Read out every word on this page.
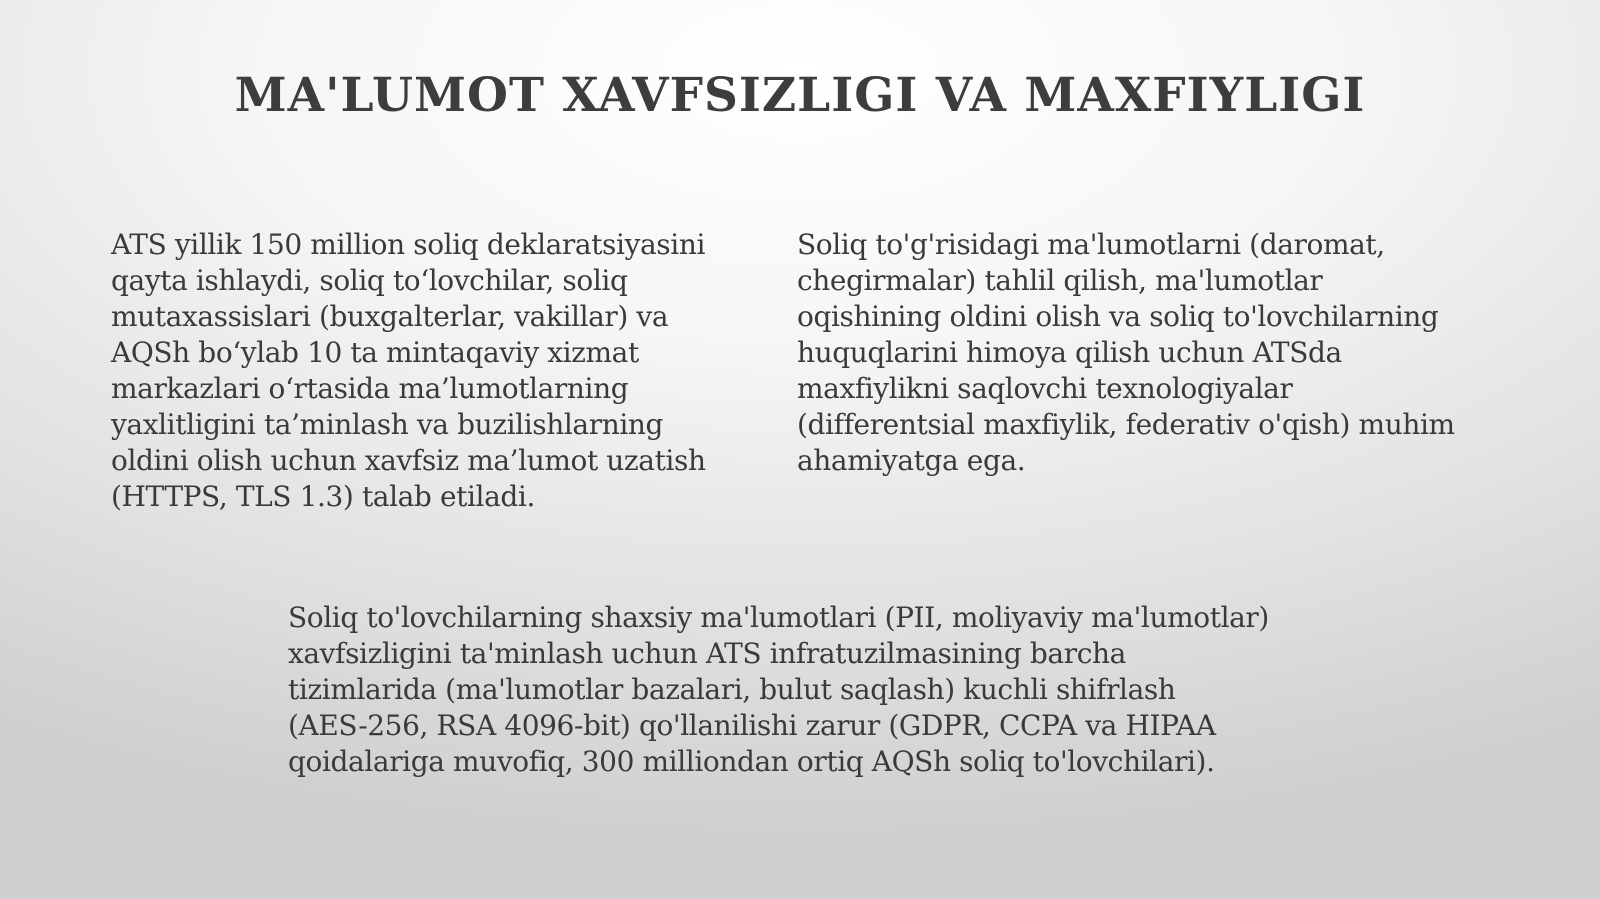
MA'LUMOT XAVFSIZLIGI VA MAXFIYLIGI
ATS yillik 150 million soliq deklaratsiyasini
qayta ishlaydi, soliq to‘lovchilar, soliq
mutaxassislari (buxgalterlar, vakillar) va
AQSh bo‘ylab 10 ta mintaqaviy xizmat
markazlari o‘rtasida ma’lumotlarning
yaxlitligini ta’minlash va buzilishlarning
oldini olish uchun xavfsiz ma’lumot uzatish
(HTTPS, TLS 1.3) talab etiladi.
Soliq to'g'risidagi ma'lumotlarni (daromat,
chegirmalar) tahlil qilish, ma'lumotlar
oqishining oldini olish va soliq to'lovchilarning
huquqlarini himoya qilish uchun ATSda
maxfiylikni saqlovchi texnologiyalar
(differentsial maxfiylik, federativ o'qish) muhim
ahamiyatga ega.
Soliq to'lovchilarning shaxsiy ma'lumotlari (PII, moliyaviy ma'lumotlar)
xavfsizligini ta'minlash uchun ATS infratuzilmasining barcha
tizimlarida (ma'lumotlar bazalari, bulut saqlash) kuchli shifrlash
(AES-256, RSA 4096-bit) qo'llanilishi zarur (GDPR, CCPA va HIPAA
qoidalariga muvofiq, 300 milliondan ortiq AQSh soliq to'lovchilari).
